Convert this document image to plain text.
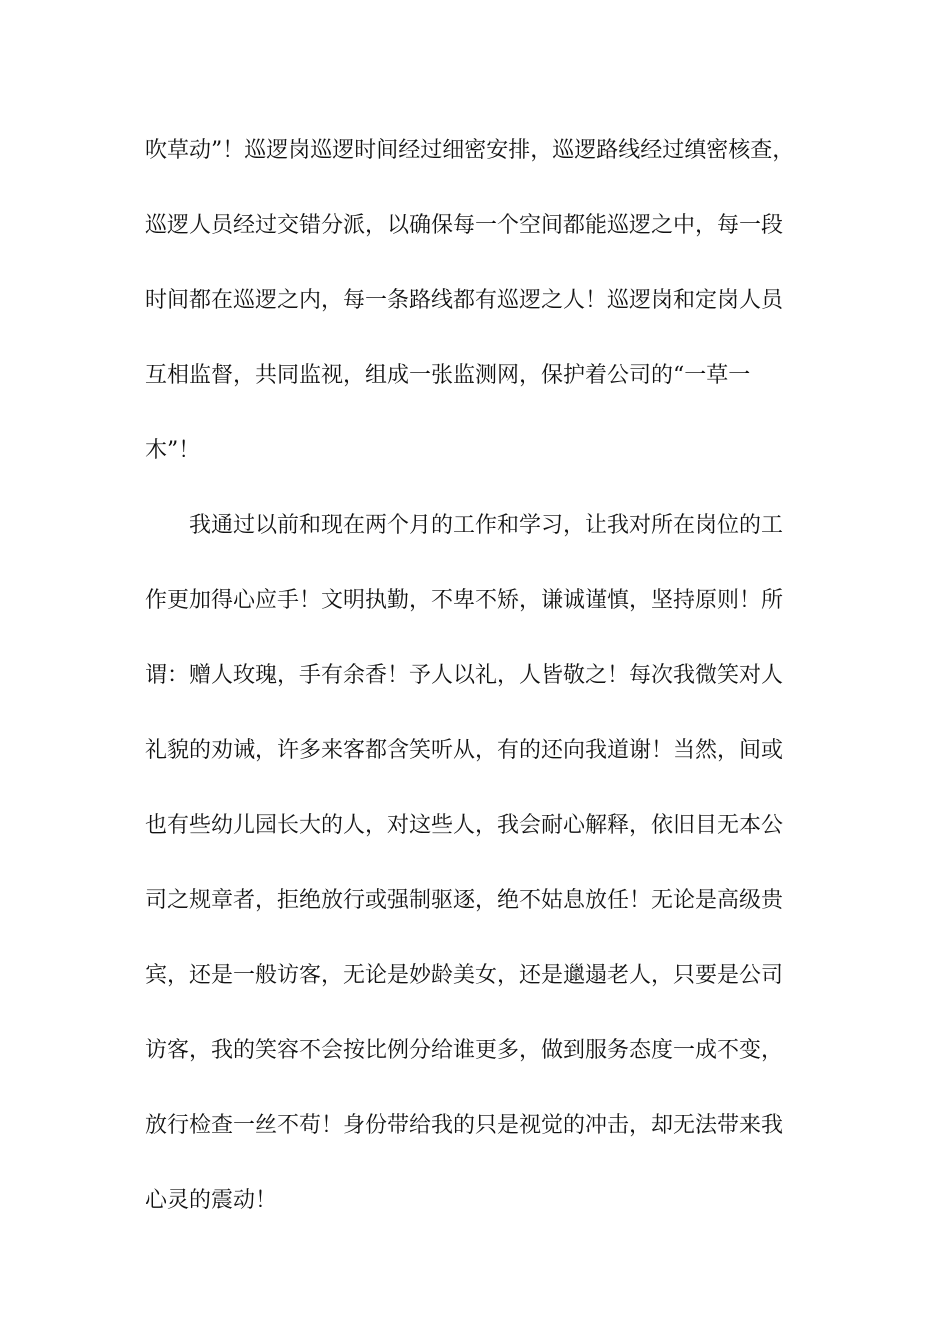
吹草动”！巡逻岗巡逻时间经过细密安排，巡逻路线经过缜密核查，
巡逻人员经过交错分派，以确保每一个空间都能巡逻之中，每一段
时间都在巡逻之内，每一条路线都有巡逻之人！巡逻岗和定岗人员
互相监督，共同监视，组成一张监测网，保护着公司的“一草一
木”！
我通过以前和现在两个月的工作和学习，让我对所在岗位的工
作更加得心应手！文明执勤，不卑不矫，谦诚谨慎，坚持原则！所
谓：赠人玫瑰，手有余香！予人以礼，人皆敬之！每次我微笑对人
礼貌的劝诫，许多来客都含笑听从，有的还向我道谢！当然，间或
也有些幼儿园长大的人，对这些人，我会耐心解释，依旧目无本公
司之规章者，拒绝放行或强制驱逐，绝不姑息放任！无论是高级贵
宾，还是一般访客，无论是妙龄美女，还是邋遢老人，只要是公司
访客，我的笑容不会按比例分给谁更多，做到服务态度一成不变，
放行检查一丝不苟！身份带给我的只是视觉的冲击，却无法带来我
心灵的震动！
